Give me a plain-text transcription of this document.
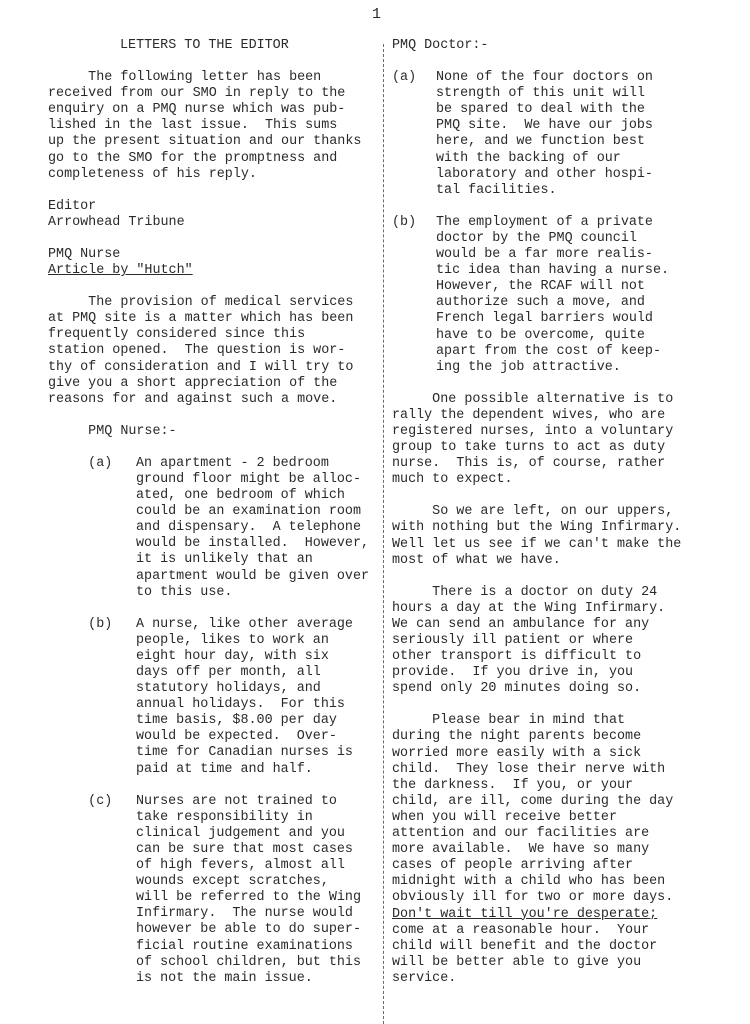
1

LETTERS TO THE EDITOR

The following letter has been
received from our SMO in reply to the
enquiry on a PMQ nurse which was pub-
lished in the last issue.  This sums
up the present situation and our thanks
go to the SMO for the promptness and
completeness of his reply.

Editor
Arrowhead Tribune

PMQ Nurse

Article by "Hutch"

The provision of medical services
at PMQ site is a matter which has been
frequently considered since this
station opened.  The question is wor-
thy of consideration and I will try to
give you a short appreciation of the
reasons for and against such a move.

PMQ Nurse:-

(a) An apartment - 2 bedroom
ground floor might be alloc-
ated, one bedroom of which
could be an examination room
and dispensary.  A telephone
would be installed.  However,
it is unlikely that an
apartment would be given over
to this use.

(b) A nurse, like other average
people, likes to work an
eight hour day, with six
days off per month, all
statutory holidays, and
annual holidays.  For this
time basis, $8.00 per day
would be expected.  Over-
time for Canadian nurses is
paid at time and half.

(c) Nurses are not trained to
take responsibility in
clinical judgement and you
can be sure that most cases
of high fevers, almost all
wounds except scratches,
will be referred to the Wing
Infirmary.  The nurse would
however be able to do super-
ficial routine examinations
of school children, but this
is not the main issue.

PMQ Doctor:-

(a) None of the four doctors on
strength of this unit will
be spared to deal with the
PMQ site.  We have our jobs
here, and we function best
with the backing of our
laboratory and other hospi-
tal facilities.

(b) The employment of a private
doctor by the PMQ council
would be a far more realis-
tic idea than having a nurse.
However, the RCAF will not
authorize such a move, and
French legal barriers would
have to be overcome, quite
apart from the cost of keep-
ing the job attractive.

One possible alternative is to
rally the dependent wives, who are
registered nurses, into a voluntary
group to take turns to act as duty
nurse.  This is, of course, rather
much to expect.

So we are left, on our uppers,
with nothing but the Wing Infirmary.
Well let us see if we can't make the
most of what we have.

There is a doctor on duty 24
hours a day at the Wing Infirmary.
We can send an ambulance for any
seriously ill patient or where
other transport is difficult to
provide.  If you drive in, you
spend only 20 minutes doing so.

Please bear in mind that
during the night parents become
worried more easily with a sick
child.  They lose their nerve with
the darkness.  If you, or your
child, are ill, come during the day
when you will receive better
attention and our facilities are
more available.  We have so many
cases of people arriving after
midnight with a child who has been
obviously ill for two or more days.

Don't wait till you're desperate;

come at a reasonable hour.  Your
child will benefit and the doctor
will be better able to give you
service.
